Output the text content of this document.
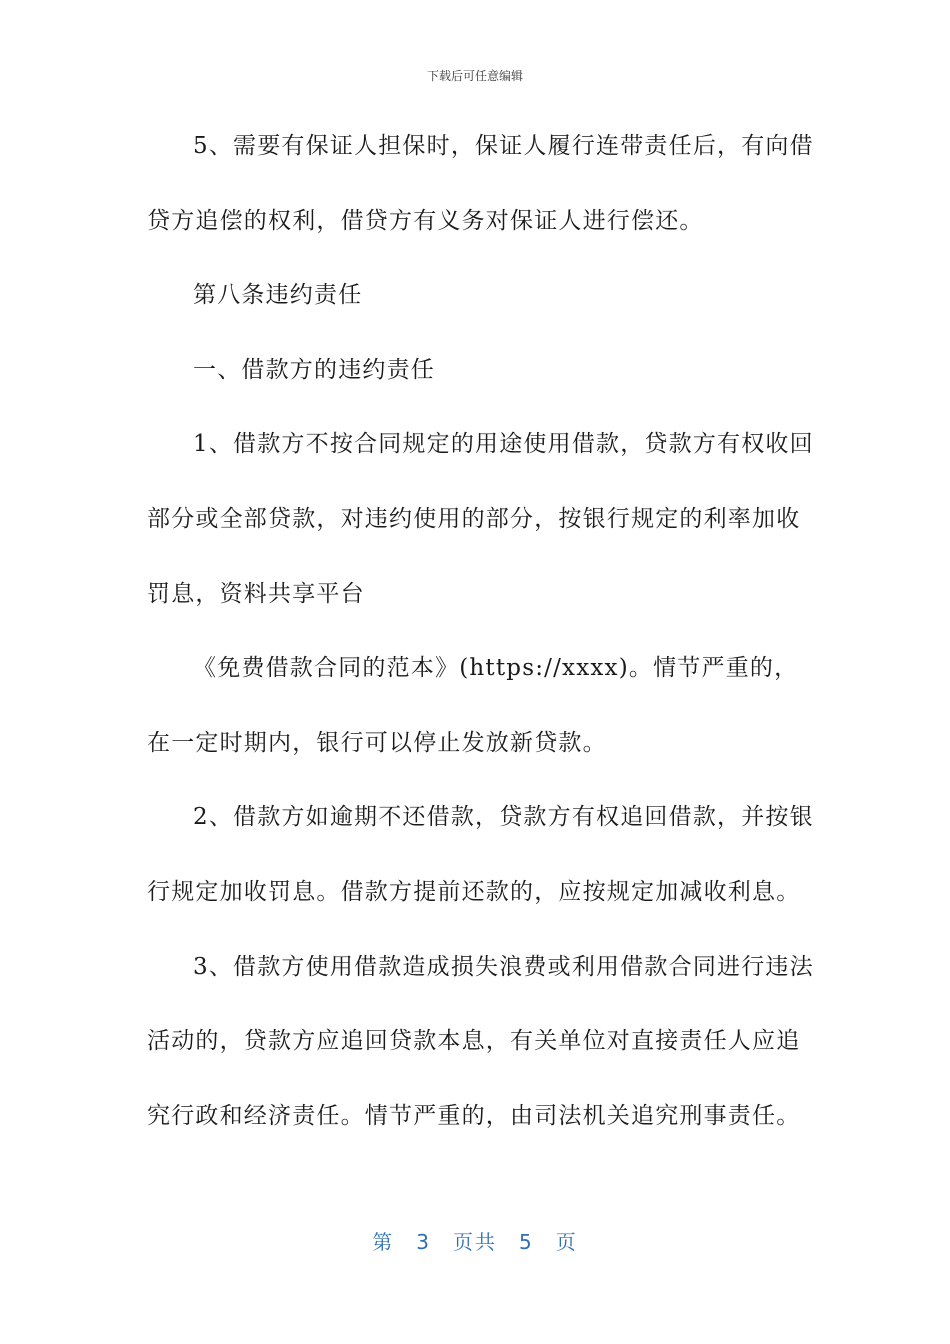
下载后可任意编辑
5、需要有保证人担保时，保证人履行连带责任后，有向借
贷方追偿的权利，借贷方有义务对保证人进行偿还。
第八条违约责任
一、借款方的违约责任
1、借款方不按合同规定的用途使用借款，贷款方有权收回
部分或全部贷款，对违约使用的部分，按银行规定的利率加收
罚息，资料共享平台
《免费借款合同的范本》(https://xxxx)。情节严重的，
在一定时期内，银行可以停止发放新贷款。
2、借款方如逾期不还借款，贷款方有权追回借款，并按银
行规定加收罚息。借款方提前还款的，应按规定加减收利息。
3、借款方使用借款造成损失浪费或利用借款合同进行违法
活动的，贷款方应追回贷款本息，有关单位对直接责任人应追
究行政和经济责任。情节严重的，由司法机关追究刑事责任。
第 3 页共 5 页
